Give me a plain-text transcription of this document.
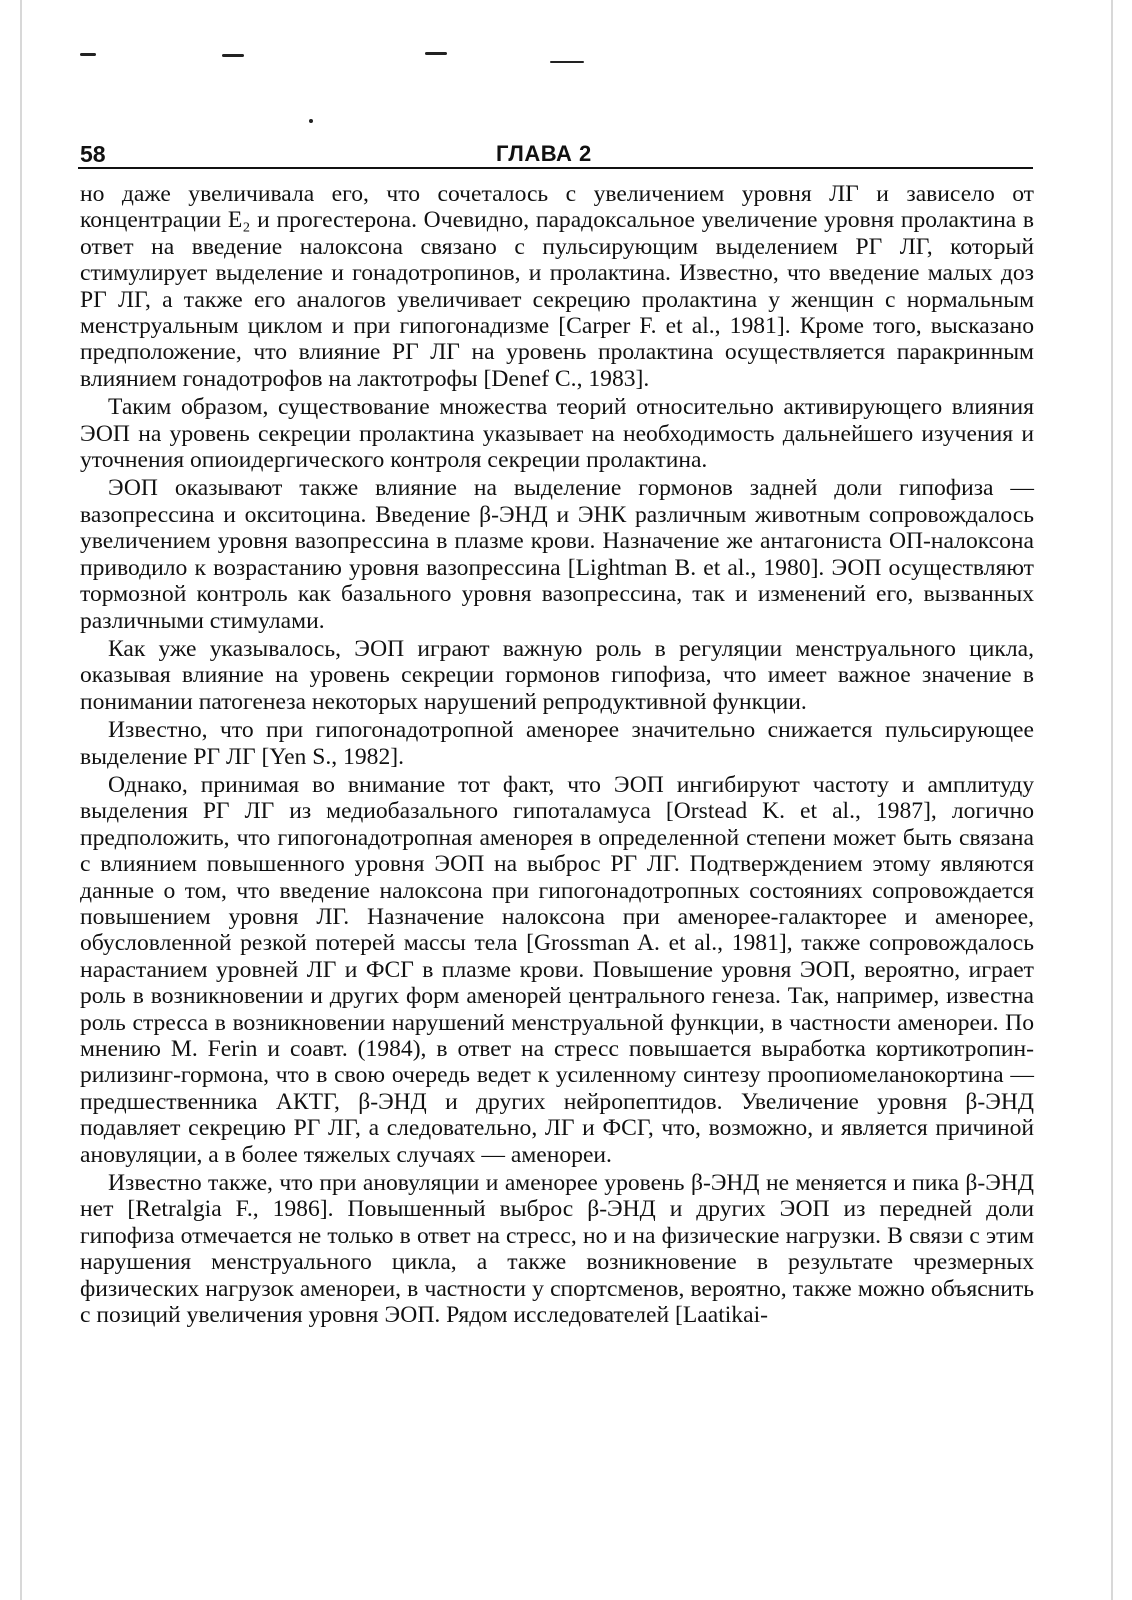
58	ГЛАВА 2

но даже увеличивала его, что сочеталось с увеличением уровня ЛГ и зависело от концентрации E₂ и прогестерона. Очевидно, парадоксальное увеличение уровня пролактина в ответ на введение налоксона связано с пульсирующим выделением РГ ЛГ, который стимулирует выделение и гонадотропинов, и пролактина. Известно, что введение малых доз РГ ЛГ, а также его аналогов увеличивает секрецию пролактина у женщин с нормальным менструальным циклом и при гипогонадизме [Carper F. et al., 1981]. Кроме того, высказано предположение, что влияние РГ ЛГ на уровень пролактина осуществляется паракринным влиянием гонадотрофов на лактотрофы [Denef C., 1983].

Таким образом, существование множества теорий относительно активирующего влияния ЭОП на уровень секреции пролактина указывает на необходимость дальнейшего изучения и уточнения опиоидергического контроля секреции пролактина.

ЭОП оказывают также влияние на выделение гормонов задней доли гипофиза — вазопрессина и окситоцина. Введение β-ЭНД и ЭНК различным животным сопровождалось увеличением уровня вазопрессина в плазме крови. Назначение же антагониста ОП-налоксона приводило к возрастанию уровня вазопрессина [Lightman B. et al., 1980]. ЭОП осуществляют тормозной контроль как базального уровня вазопрессина, так и изменений его, вызванных различными стимулами.

Как уже указывалось, ЭОП играют важную роль в регуляции менструального цикла, оказывая влияние на уровень секреции гормонов гипофиза, что имеет важное значение в понимании патогенеза некоторых нарушений репродуктивной функции.

Известно, что при гипогонадотропной аменорее значительно снижается пульсирующее выделение РГ ЛГ [Yen S., 1982].

Однако, принимая во внимание тот факт, что ЭОП ингибируют частоту и амплитуду выделения РГ ЛГ из медиобазального гипоталамуса [Orstead K. et al., 1987], логично предположить, что гипогонадотропная аменорея в определенной степени может быть связана с влиянием повышенного уровня ЭОП на выброс РГ ЛГ. Подтверждением этому являются данные о том, что введение налоксона при гипогонадотропных состояниях сопровождается повышением уровня ЛГ. Назначение налоксона при аменорее-галакторее и аменорее, обусловленной резкой потерей массы тела [Grossman A. et al., 1981], также сопровождалось нарастанием уровней ЛГ и ФСГ в плазме крови. Повышение уровня ЭОП, вероятно, играет роль в возникновении и других форм аменорей центрального генеза. Так, например, известна роль стресса в возникновении нарушений менструальной функции, в частности аменореи. По мнению M. Ferin и соавт. (1984), в ответ на стресс повышается выработка кортикотропин-рилизинг-гормона, что в свою очередь ведет к усиленному синтезу проопиомеланокортина — предшественника АКТГ, β-ЭНД и других нейропептидов. Увеличение уровня β-ЭНД подавляет секрецию РГ ЛГ, а следовательно, ЛГ и ФСГ, что, возможно, и является причиной ановуляции, а в более тяжелых случаях — аменореи.

Известно также, что при ановуляции и аменорее уровень β-ЭНД не меняется и пика β-ЭНД нет [Retralgia F., 1986]. Повышенный выброс β-ЭНД и других ЭОП из передней доли гипофиза отмечается не только в ответ на стресс, но и на физические нагрузки. В связи с этим нарушения менструального цикла, а также возникновение в результате чрезмерных физических нагрузок аменореи, в частности у спортсменов, вероятно, также можно объяснить с позиций увеличения уровня ЭОП. Рядом исследователей [Laatikai-
